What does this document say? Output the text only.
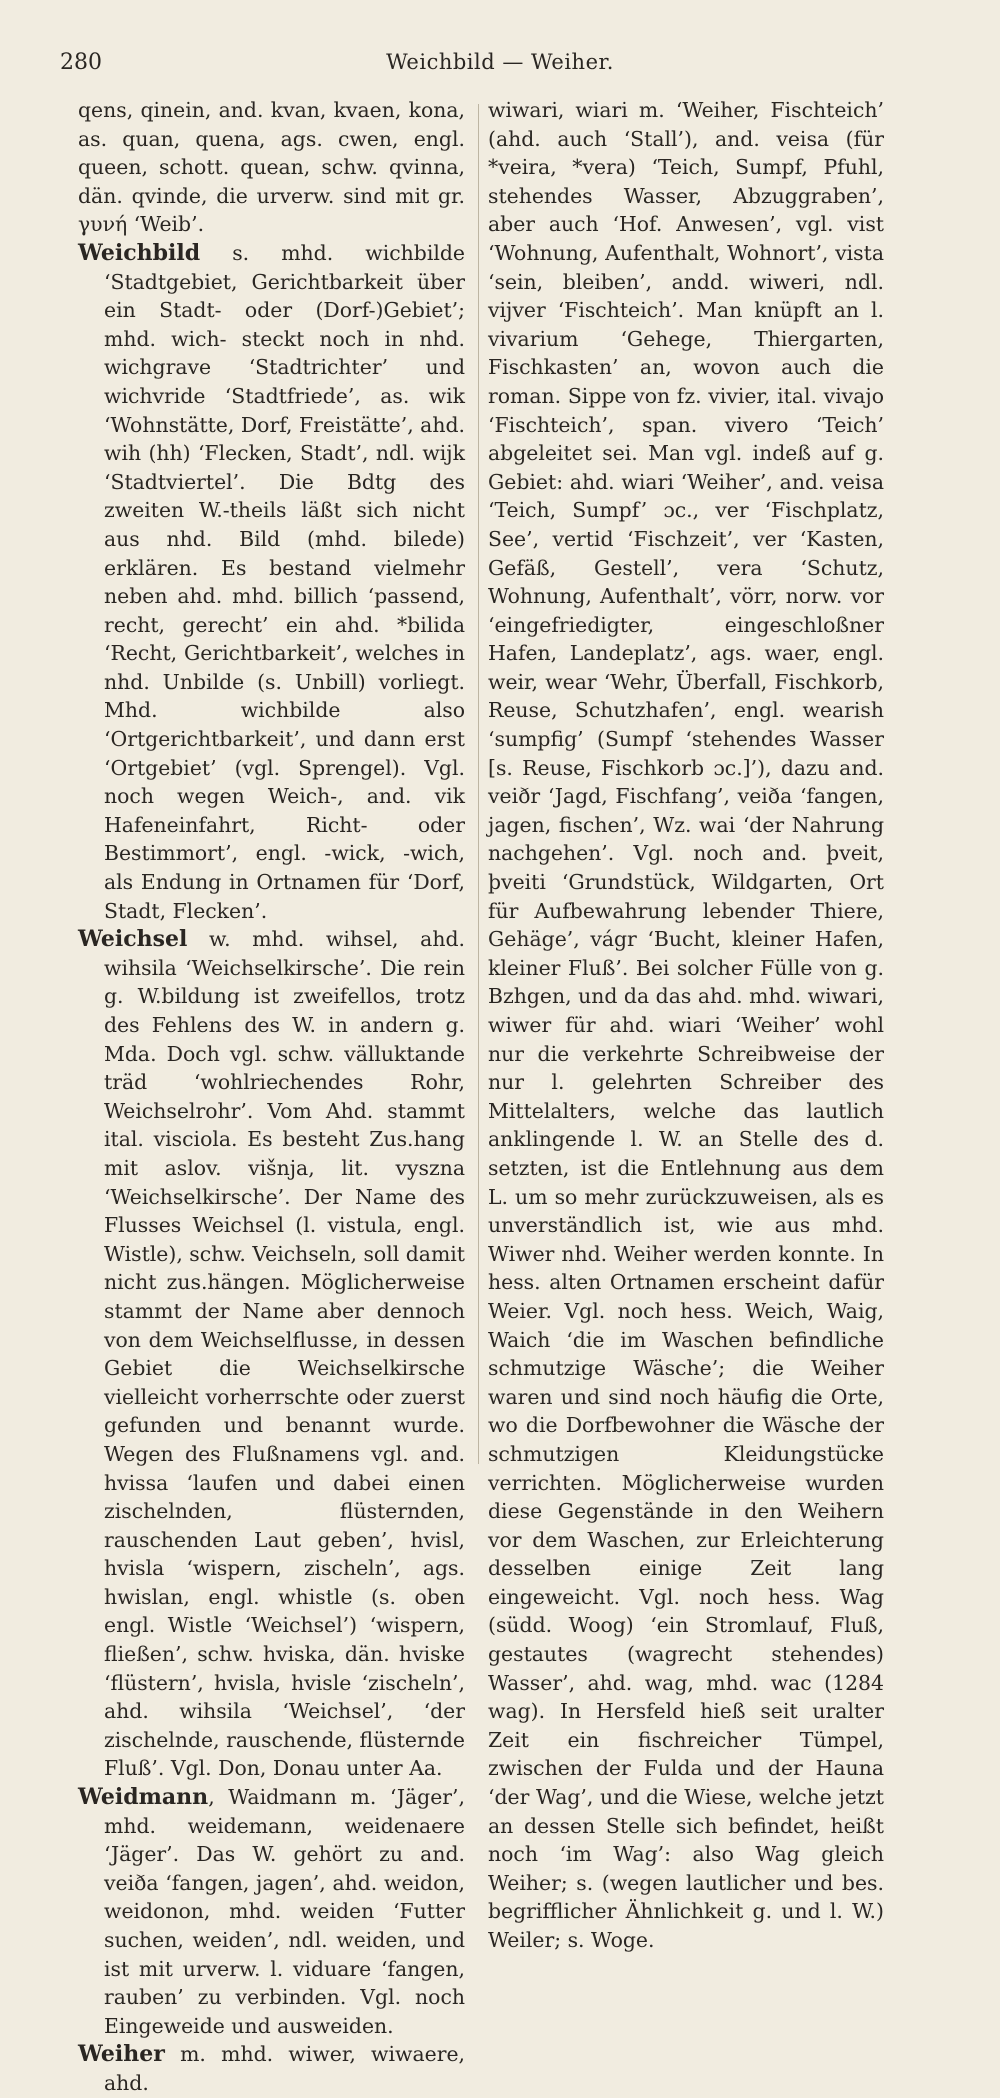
280	Weichbild — Weiher.

qens, qinein, and. kvan, kvaen, kona, as. quan, quena, ags. cwen, engl. queen, schott. quean, schw. qvinna, dän. qvinde, die urverw. sind mit gr. γυνή ‘Weib’.

Weichbild s. mhd. wichbilde ‘Stadtgebiet, Gerichtbarkeit über ein Stadt- oder (Dorf-)Gebiet’; mhd. wich- steckt noch in nhd. wichgrave ‘Stadtrichter’ und wichvride ‘Stadtfriede’, as. wik ‘Wohnstätte, Dorf, Freistätte’, ahd. wih (hh) ‘Flecken, Stadt’, ndl. wijk ‘Stadtviertel’. Die Bdtg des zweiten W.-theils läßt sich nicht aus nhd. Bild (mhd. bilede) erklären. Es bestand vielmehr neben ahd. mhd. billich ‘passend, recht, gerecht’ ein ahd. *bilida ‘Recht, Gerichtbarkeit’, welches in nhd. Unbilde (s. Unbill) vorliegt. Mhd. wichbilde also ‘Ortgerichtbarkeit’, und dann erst ‘Ortgebiet’ (vgl. Sprengel). Vgl. noch wegen Weich-, and. vik Hafeneinfahrt, Richt- oder Bestimmort’, engl. -wick, -wich, als Endung in Ortnamen für ‘Dorf, Stadt, Flecken’.

Weichsel w. mhd. wihsel, ahd. wihsila ‘Weichselkirsche’. Die rein g. W.bildung ist zweifellos, trotz des Fehlens des W. in andern g. Mda. Doch vgl. schw. välluktande träd ‘wohlriechendes Rohr, Weichselrohr’. Vom Ahd. stammt ital. visciola. Es besteht Zus.hang mit aslov. višnja, lit. vyszna ‘Weichselkirsche’. Der Name des Flusses Weichsel (l. vistula, engl. Wistle), schw. Veichseln, soll damit nicht zus.hängen. Möglicherweise stammt der Name aber dennoch von dem Weichselflusse, in dessen Gebiet die Weichselkirsche vielleicht vorherrschte oder zuerst gefunden und benannt wurde. Wegen des Flußnamens vgl. and. hvissa ‘laufen und dabei einen zischelnden, flüsternden, rauschenden Laut geben’, hvisl, hvisla ‘wispern, zischeln’, ags. hwislan, engl. whistle (s. oben engl. Wistle ‘Weichsel’) ‘wispern, fließen’, schw. hviska, dän. hviske ‘flüstern’, hvisla, hvisle ‘zischeln’, ahd. wihsila ‘Weichsel’, ‘der zischelnde, rauschende, flüsternde Fluß’. Vgl. Don, Donau unter Aa.

Weidmann, Waidmann m. ‘Jäger’, mhd. weidemann, weidenaere ‘Jäger’. Das W. gehört zu and. veiða ‘fangen, jagen’, ahd. weidon, weidonon, mhd. weiden ‘Futter suchen, weiden’, ndl. weiden, und ist mit urverw. l. viduare ‘fangen, rauben’ zu verbinden. Vgl. noch Eingeweide und ausweiden.

Weiher m. mhd. wiwer, wiwaere, ahd.

wiwari, wiari m. ‘Weiher, Fischteich’ (ahd. auch ‘Stall’), and. veisa (für *veira, *vera) ‘Teich, Sumpf, Pfuhl, stehendes Wasser, Abzuggraben’, aber auch ‘Hof. Anwesen’, vgl. vist ‘Wohnung, Aufenthalt, Wohnort’, vista ‘sein, bleiben’, andd. wiweri, ndl. vijver ‘Fischteich’. Man knüpft an l. vivarium ‘Gehege, Thiergarten, Fischkasten’ an, wovon auch die roman. Sippe von fz. vivier, ital. vivajo ‘Fischteich’, span. vivero ‘Teich’ abgeleitet sei. Man vgl. indeß auf g. Gebiet: ahd. wiari ‘Weiher’, and. veisa ‘Teich, Sumpf’ ɔc., ver ‘Fischplatz, See’, vertid ‘Fischzeit’, ver ‘Kasten, Gefäß, Gestell’, vera ‘Schutz, Wohnung, Aufenthalt’, vörr, norw. vor ‘eingefriedigter, eingeschloßner Hafen, Landeplatz’, ags. waer, engl. weir, wear ‘Wehr, Überfall, Fischkorb, Reuse, Schutzhafen’, engl. wearish ‘sumpfig’ (Sumpf ‘stehendes Wasser [s. Reuse, Fischkorb ɔc.]’), dazu and. veiðr ‘Jagd, Fischfang’, veiða ‘fangen, jagen, fischen’, Wz. wai ‘der Nahrung nachgehen’. Vgl. noch and. þveit, þveiti ‘Grundstück, Wildgarten, Ort für Aufbewahrung lebender Thiere, Gehäge’, vágr ‘Bucht, kleiner Hafen, kleiner Fluß’. Bei solcher Fülle von g. Bzhgen, und da das ahd. mhd. wiwari, wiwer für ahd. wiari ‘Weiher’ wohl nur die verkehrte Schreibweise der nur l. gelehrten Schreiber des Mittelalters, welche das lautlich anklingende l. W. an Stelle des d. setzten, ist die Entlehnung aus dem L. um so mehr zurückzuweisen, als es unverständlich ist, wie aus mhd. Wiwer nhd. Weiher werden konnte. In hess. alten Ortnamen erscheint dafür Weier. Vgl. noch hess. Weich, Waig, Waich ‘die im Waschen befindliche schmutzige Wäsche’; die Weiher waren und sind noch häufig die Orte, wo die Dorfbewohner die Wäsche der schmutzigen Kleidungstücke verrichten. Möglicherweise wurden diese Gegenstände in den Weihern vor dem Waschen, zur Erleichterung desselben einige Zeit lang eingeweicht. Vgl. noch hess. Wag (südd. Woog) ‘ein Stromlauf, Fluß, gestautes (wagrecht stehendes) Wasser’, ahd. wag, mhd. wac (1284 wag). In Hersfeld hieß seit uralter Zeit ein fischreicher Tümpel, zwischen der Fulda und der Hauna ‘der Wag’, und die Wiese, welche jetzt an dessen Stelle sich befindet, heißt noch ‘im Wag’: also Wag gleich Weiher; s. (wegen lautlicher und bes. begrifflicher Ähnlichkeit g. und l. W.) Weiler; s. Woge.
